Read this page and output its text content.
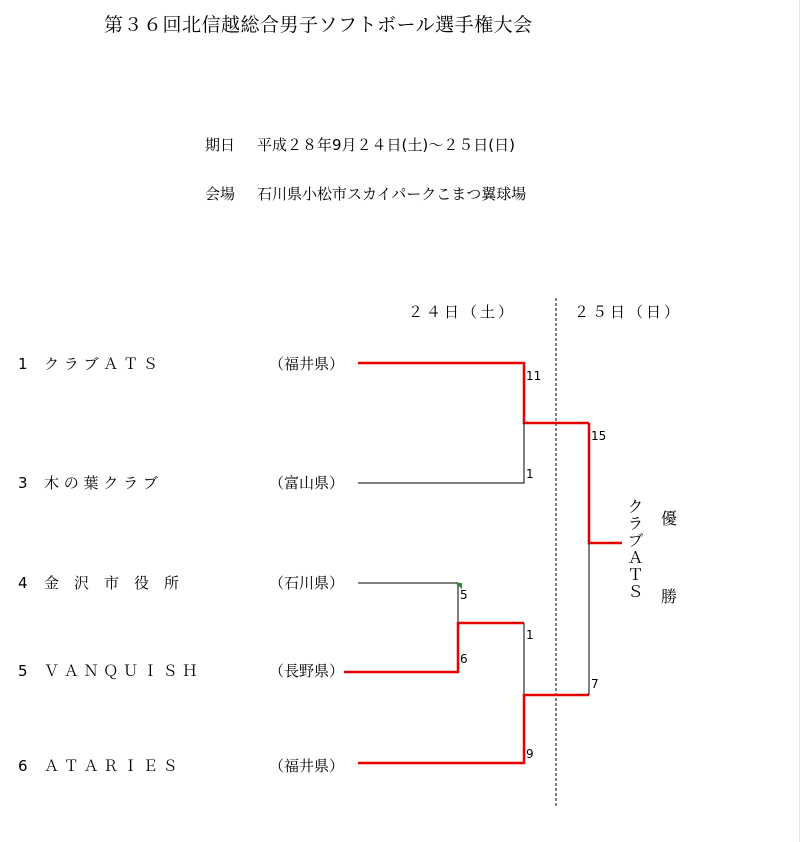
第３６回北信越総合男子ソフトボール選手権大会
期日 平成２８年9月２４日(土)～２５日(日)
会場 石川県小松市スカイパークこまつ翼球場
２４日（土）	２５日（日）
1 ク ラ ブ Ａ Ｔ Ｓ	（福井県）
3 木 の 葉 ク ラ ブ	（富山県）
4 金　沢　市　役　所	（石川県）
5 Ｖ Ａ Ｎ Ｑ Ｕ Ｉ Ｓ Ｈ	（長野県）
6 Ａ Ｔ Ａ Ｒ Ｉ Ｅ Ｓ	（福井県）
11
1
5
6
1
9
15
7
クラブＡＴＳ 優
勝
